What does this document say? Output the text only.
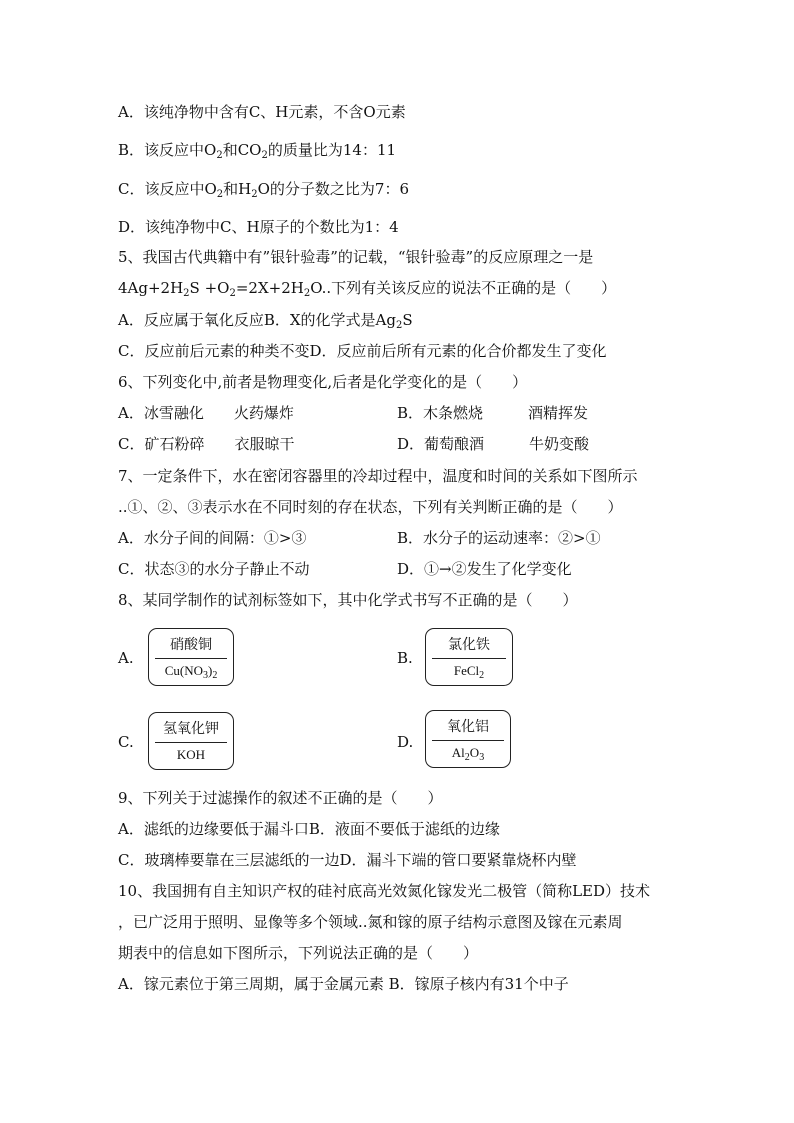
A．该纯净物中含有C、H元素，不含O元素
B．该反应中$O_2$和$CO_2$的质量比为14：11
C．该反应中$O_2$和$H_2O$的分子数之比为7：6
D．该纯净物中C、H原子的个数比为1：4
5、我国古代典籍中有”银针验毒”的记载，“银针验毒”的反应原理之一是
$4Ag+2H_2S +O_2=2X+2H_2O$..下列有关该反应的说法不正确的是（　　）
A．反应属于氧化反应B．X的化学式是$Ag_2S$
C．反应前后元素的种类不变D．反应前后所有元素的化合价都发生了变化
6、下列变化中,前者是物理变化,后者是化学变化的是（　　）
A．冰雪融化　　火药爆炸	B．木条燃烧　　　酒精挥发
C．矿石粉碎　　衣服晾干	D．葡萄酿酒　　　牛奶变酸
7、一定条件下，水在密闭容器里的冷却过程中，温度和时间的关系如下图所示
..①、②、③表示水在不同时刻的存在状态，下列有关判断正确的是（　　）
A．水分子间的间隔：①>③	B．水分子的运动速率：②>①
C．状态③的水分子静止不动	D．①→②发生了化学变化
8、某同学制作的试剂标签如下，其中化学式书写不正确的是（　　）
A.
硝酸铜
$Cu(NO_3)_2$
B.
氯化铁
FeCl$_2$
C.
氢氧化钾
KOH
D.
氧化铝
$Al_2O_3$
9、下列关于过滤操作的叙述不正确的是（　　）
A．滤纸的边缘要低于漏斗口B．液面不要低于滤纸的边缘
C．玻璃棒要靠在三层滤纸的一边D．漏斗下端的管口要紧靠烧杯内壁
10、我国拥有自主知识产权的硅衬底高光效氮化镓发光二极管（简称LED）技术
，已广泛用于照明、显像等多个领域..氮和镓的原子结构示意图及镓在元素周
期表中的信息如下图所示，下列说法正确的是（　　）
A．镓元素位于第三周期，属于金属元素 B．镓原子核内有31个中子
